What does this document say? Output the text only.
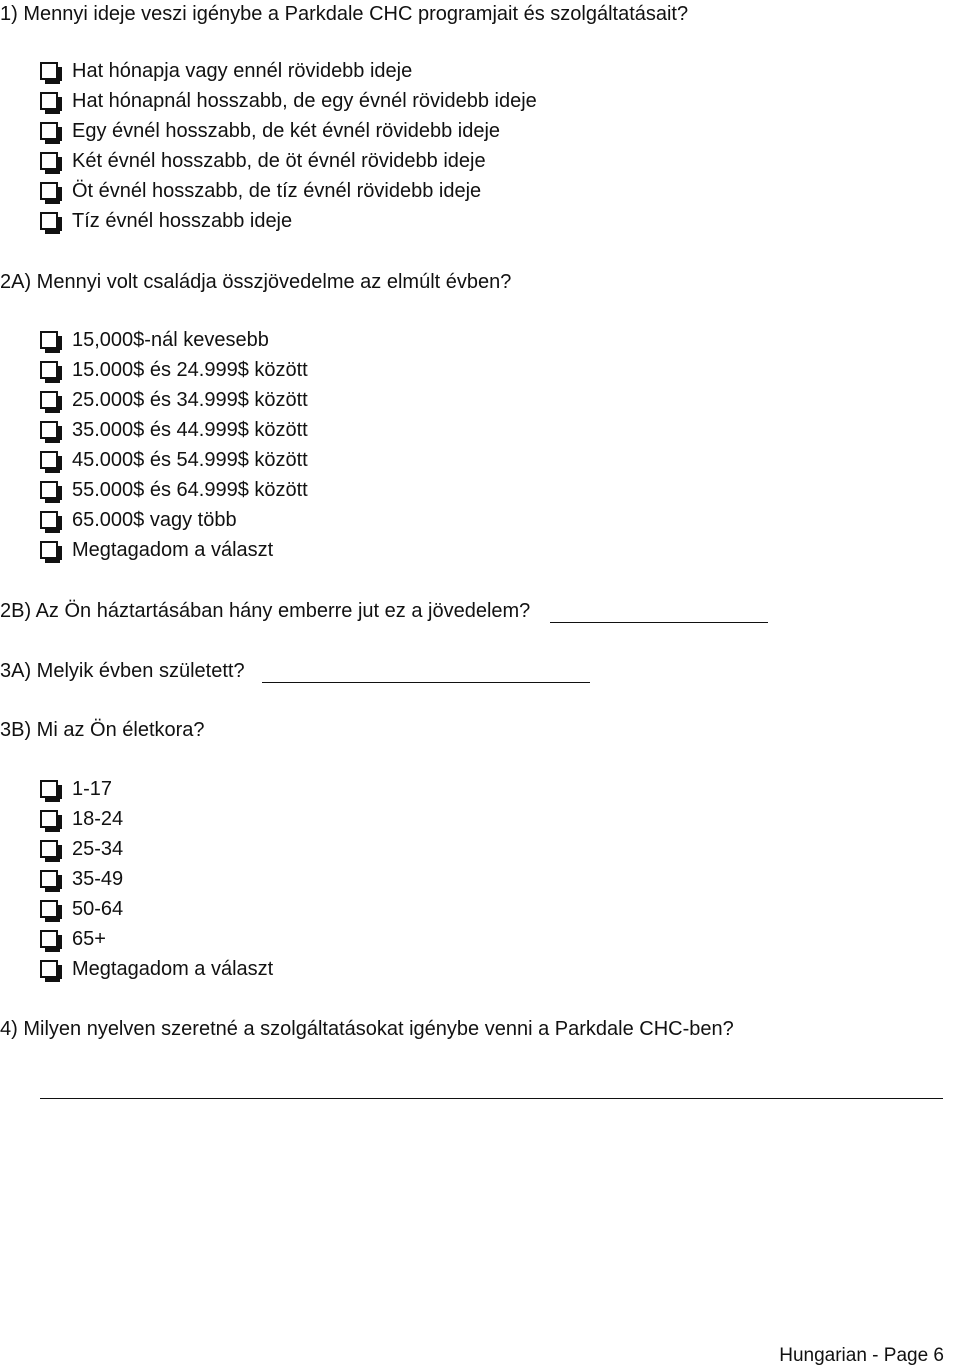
1) Mennyi ideje veszi igénybe a Parkdale CHC programjait és szolgáltatásait?
Hat hónapja vagy ennél rövidebb ideje
Hat hónapnál hosszabb, de egy évnél rövidebb ideje
Egy évnél hosszabb, de két évnél rövidebb ideje
Két évnél hosszabb, de öt évnél rövidebb ideje
Öt évnél hosszabb, de tíz évnél rövidebb ideje
Tíz évnél hosszabb ideje
2A) Mennyi volt családja összjövedelme az elmúlt évben?
15,000$-nál kevesebb
15.000$ és 24.999$ között
25.000$ és 34.999$ között
35.000$ és 44.999$ között
45.000$ és 54.999$ között
55.000$ és 64.999$ között
65.000$ vagy több
Megtagadom a választ
2B) Az Ön háztartásában hány emberre jut ez a jövedelem?
3A) Melyik évben született?
3B) Mi az Ön életkora?
1-17
18-24
25-34
35-49
50-64
65+
Megtagadom a választ
4) Milyen nyelven szeretné a szolgáltatásokat igénybe venni a Parkdale CHC-ben?
Hungarian - Page 6
